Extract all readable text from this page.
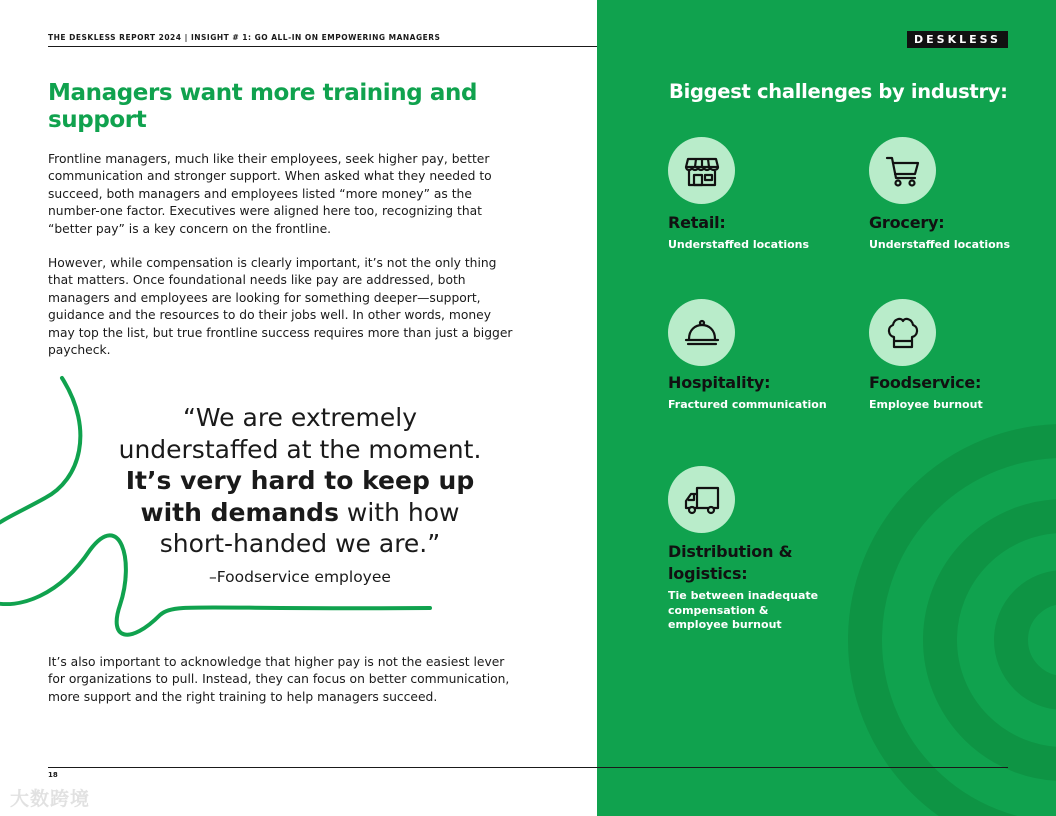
THE DESKLESS REPORT 2024 | INSIGHT # 1: GO ALL-IN ON EMPOWERING MANAGERS	DESKLESS
Managers want more training and support

Frontline managers, much like their employees, seek higher pay, better communication and stronger support. When asked what they needed to succeed, both managers and employees listed “more money” as the number-one factor. Executives were aligned here too, recognizing that “better pay” is a key concern on the frontline.

However, while compensation is clearly important, it’s not the only thing that matters. Once foundational needs like pay are addressed, both managers and employees are looking for something deeper—support, guidance and the resources to do their jobs well. In other words, money may top the list, but true frontline success requires more than just a bigger paycheck.

“We are extremely understaffed at the moment. It’s very hard to keep up with demands with how short-handed we are.”

–Foodservice employee

It’s also important to acknowledge that higher pay is not the easiest lever for organizations to pull. Instead, they can focus on better communication, more support and the right training to help managers succeed.

Biggest challenges by industry:

Retail:

Understaffed locations

Grocery:

Understaffed locations

Hospitality:

Fractured communication

Foodservice:

Employee burnout

Distribution & logistics:

Tie between inadequate compensation & employee burnout

18
大数跨境
